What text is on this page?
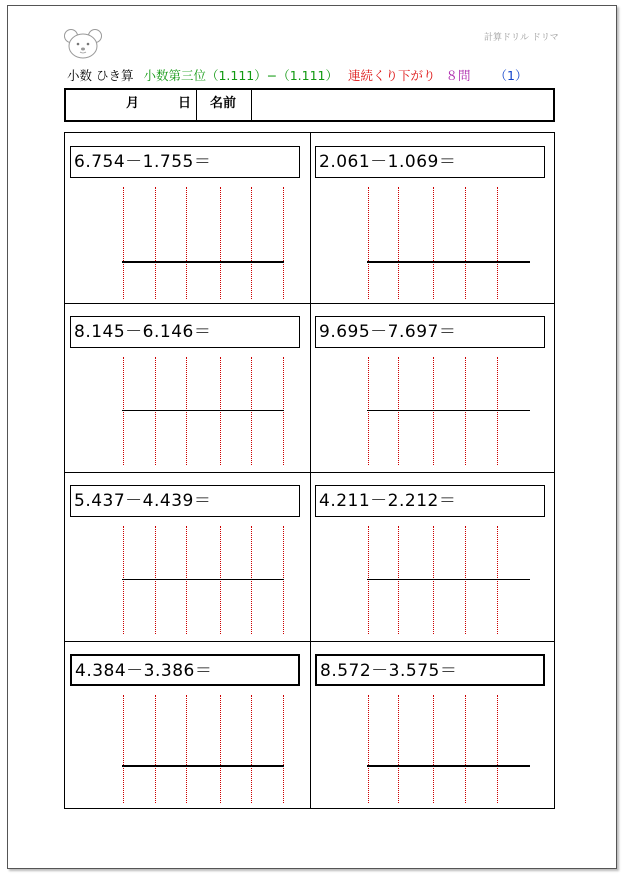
計算ドリル ドリマ
小数 ひき算 小数第三位（1.111）−（1.111） 連続くり下がり ８問 （1）
月	日 名前
6.754－1.755＝	2.061－1.069＝
8.145－6.146＝	9.695－7.697＝
5.437－4.439＝	4.211－2.212＝
4.384－3.386＝	8.572－3.575＝
